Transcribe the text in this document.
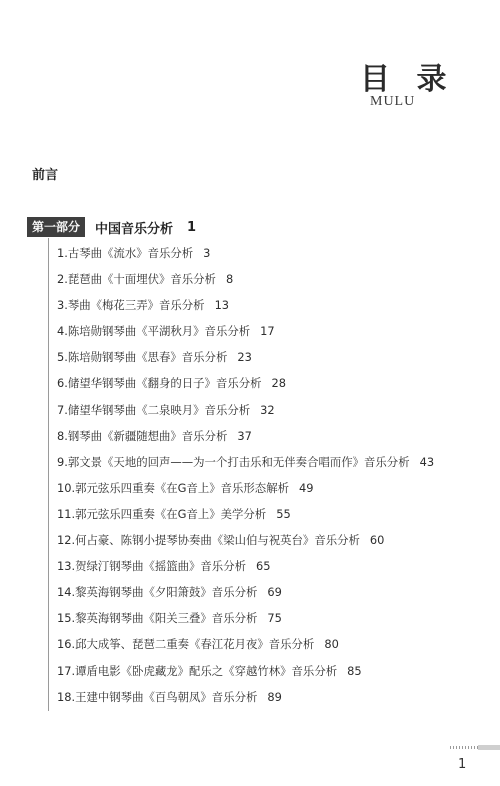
目 录
MULU
前言
第一部分	中国音乐分析 1
1.古琴曲《流水》音乐分析 3
2.琵琶曲《十面埋伏》音乐分析 8
3.琴曲《梅花三弄》音乐分析 13
4.陈培勋钢琴曲《平湖秋月》音乐分析 17
5.陈培勋钢琴曲《思春》音乐分析 23
6.储望华钢琴曲《翻身的日子》音乐分析 28
7.储望华钢琴曲《二泉映月》音乐分析 32
8.钢琴曲《新疆随想曲》音乐分析 37
9.郭文景《天地的回声——为一个打击乐和无伴奏合唱而作》音乐分析 43
10.郭元弦乐四重奏《在G音上》音乐形态解析 49
11.郭元弦乐四重奏《在G音上》美学分析 55
12.何占豪、陈钢小提琴协奏曲《梁山伯与祝英台》音乐分析 60
13.贺绿汀钢琴曲《摇篮曲》音乐分析 65
14.黎英海钢琴曲《夕阳箫鼓》音乐分析 69
15.黎英海钢琴曲《阳关三叠》音乐分析 75
16.邱大成筝、琵琶二重奏《春江花月夜》音乐分析 80
17.谭盾电影《卧虎藏龙》配乐之《穿越竹林》音乐分析 85
18.王建中钢琴曲《百鸟朝凤》音乐分析 89
1
